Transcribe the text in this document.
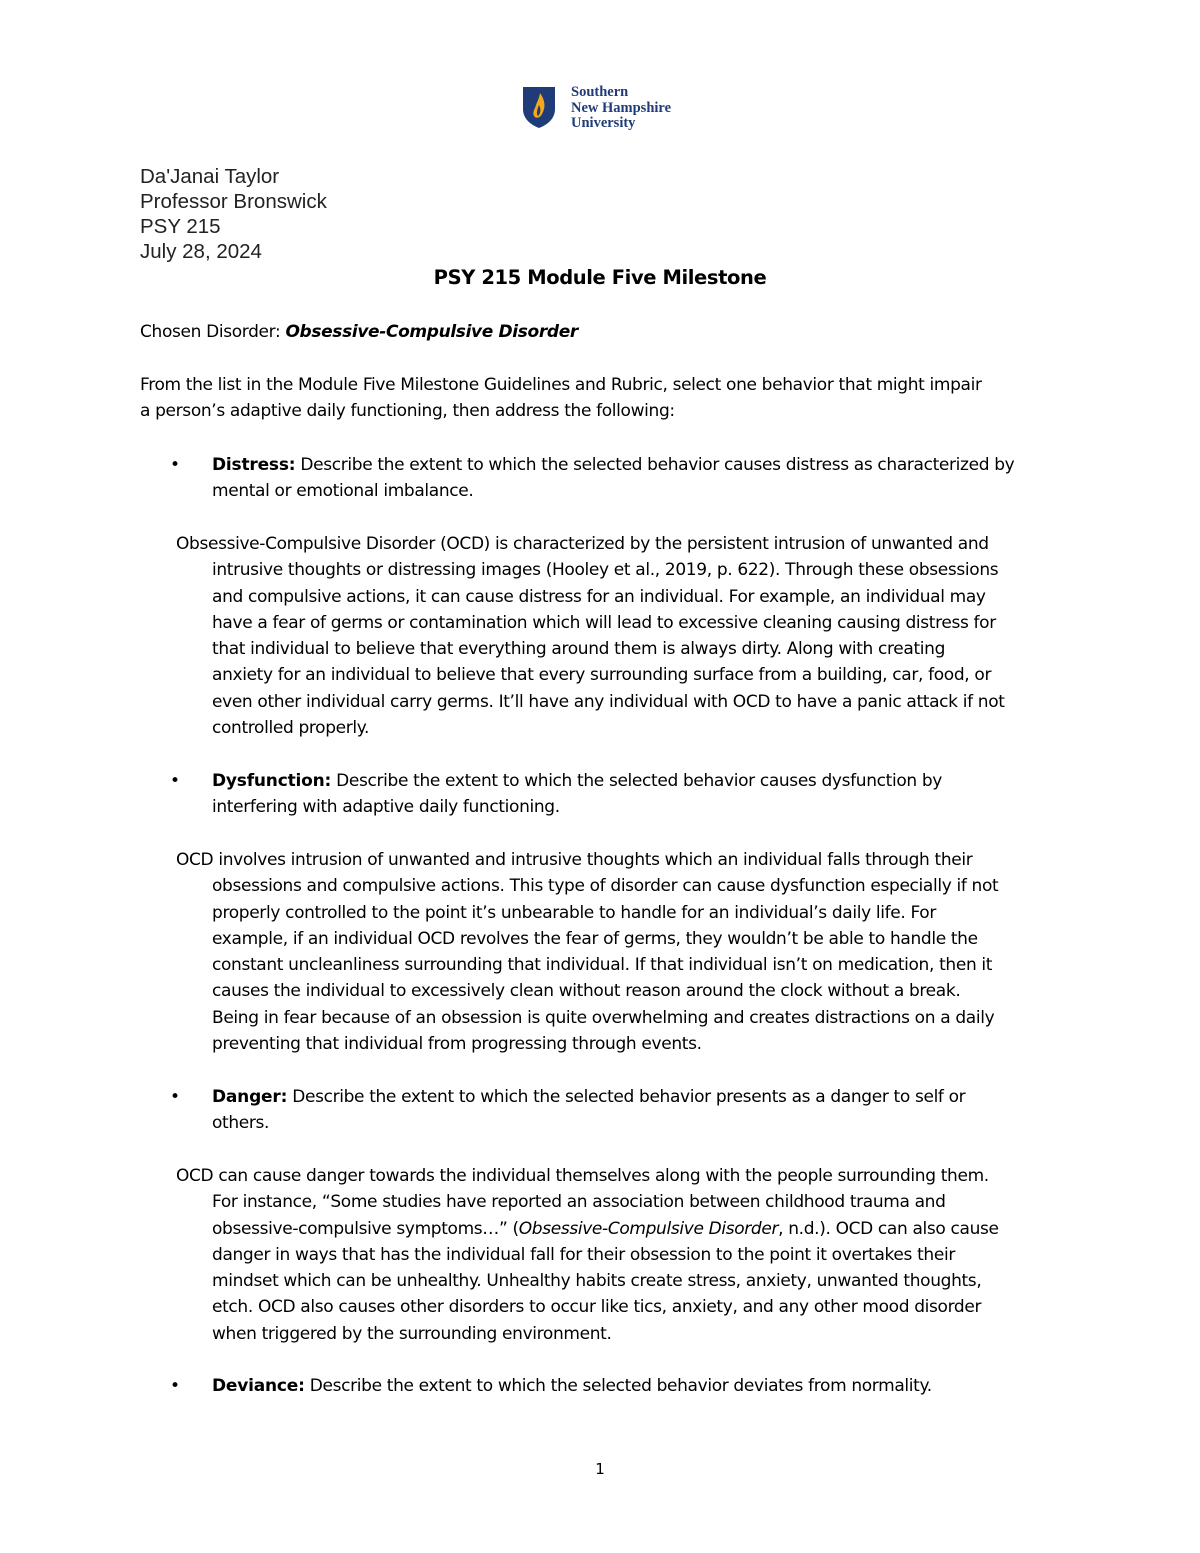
Southern
New Hampshire
University
Da'Janai Taylor
Professor Bronswick
PSY 215
July 28, 2024
PSY 215 Module Five Milestone
Chosen Disorder: Obsessive-Compulsive Disorder
From the list in the Module Five Milestone Guidelines and Rubric, select one behavior that might impair
a person’s adaptive daily functioning, then address the following:
• Distress: Describe the extent to which the selected behavior causes distress as characterized by
mental or emotional imbalance.
Obsessive-Compulsive Disorder (OCD) is characterized by the persistent intrusion of unwanted and
intrusive thoughts or distressing images (Hooley et al., 2019, p. 622). Through these obsessions
and compulsive actions, it can cause distress for an individual. For example, an individual may
have a fear of germs or contamination which will lead to excessive cleaning causing distress for
that individual to believe that everything around them is always dirty. Along with creating
anxiety for an individual to believe that every surrounding surface from a building, car, food, or
even other individual carry germs. It’ll have any individual with OCD to have a panic attack if not
controlled properly.
• Dysfunction: Describe the extent to which the selected behavior causes dysfunction by
interfering with adaptive daily functioning.
OCD involves intrusion of unwanted and intrusive thoughts which an individual falls through their
obsessions and compulsive actions. This type of disorder can cause dysfunction especially if not
properly controlled to the point it’s unbearable to handle for an individual’s daily life. For
example, if an individual OCD revolves the fear of germs, they wouldn’t be able to handle the
constant uncleanliness surrounding that individual. If that individual isn’t on medication, then it
causes the individual to excessively clean without reason around the clock without a break.
Being in fear because of an obsession is quite overwhelming and creates distractions on a daily
preventing that individual from progressing through events.
• Danger: Describe the extent to which the selected behavior presents as a danger to self or
others.
OCD can cause danger towards the individual themselves along with the people surrounding them.
For instance, “Some studies have reported an association between childhood trauma and
obsessive-compulsive symptoms…” (Obsessive-Compulsive Disorder, n.d.). OCD can also cause
danger in ways that has the individual fall for their obsession to the point it overtakes their
mindset which can be unhealthy. Unhealthy habits create stress, anxiety, unwanted thoughts,
etch. OCD also causes other disorders to occur like tics, anxiety, and any other mood disorder
when triggered by the surrounding environment.
• Deviance: Describe the extent to which the selected behavior deviates from normality.
1
